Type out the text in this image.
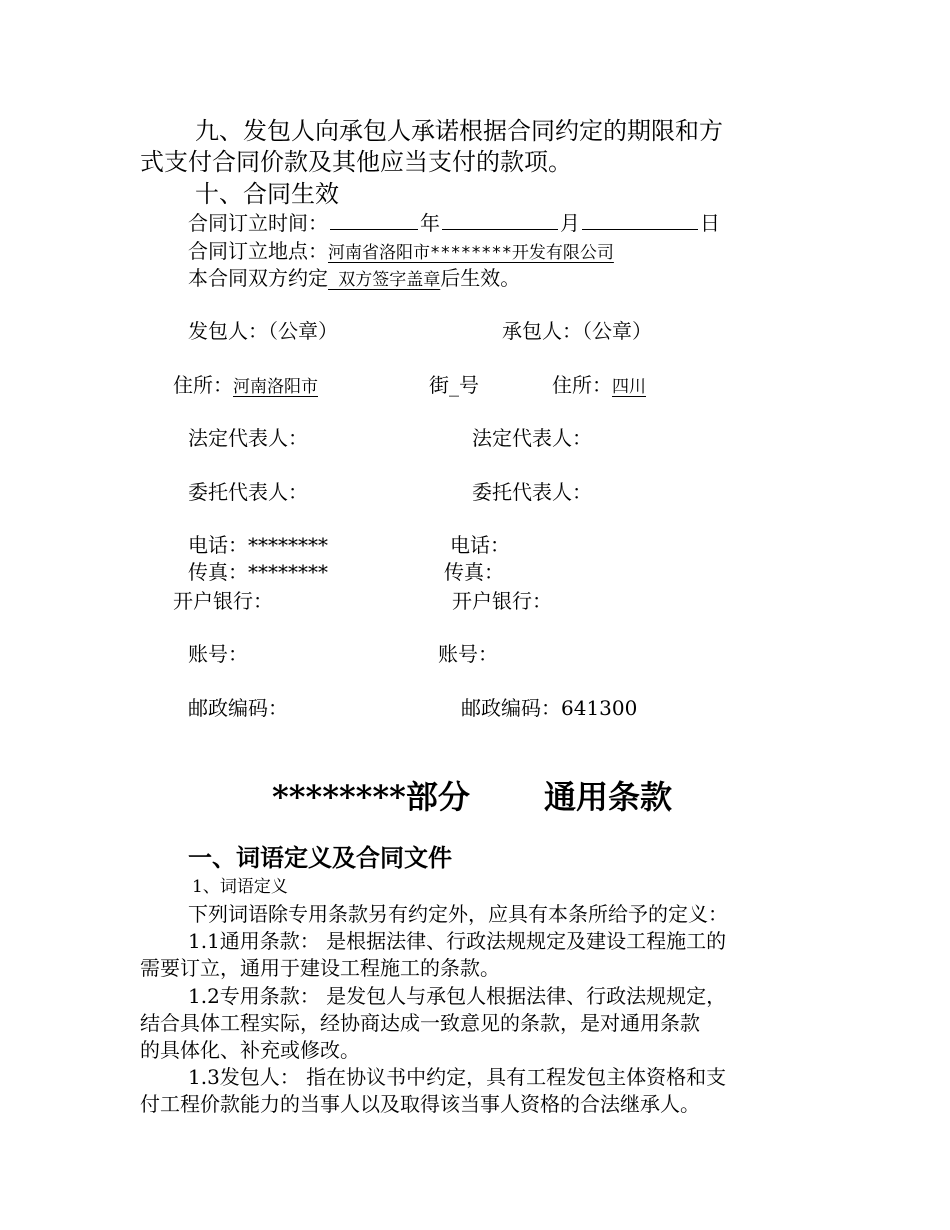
九、发包人向承包人承诺根据合同约定的期限和方
式支付合同价款及其他应当支付的款项。
十、合同生效
合同订立时间：	年	月	日
合同订立地点：河南省洛阳市********开发有限公司
本合同双方约定 双方签字盖章后生效。
发包人：（公章）	承包人：（公章）
住所：河南洛阳市	街_号	住所：四川
法定代表人：	法定代表人：
委托代表人：	委托代表人：
电话：********	电话：
传真：********	传真：
开户银行：	开户银行：
账号：	账号：
邮政编码：	邮政编码：641300
********部分 通用条款
一、词语定义及合同文件
1、词语定义
下列词语除专用条款另有约定外，应具有本条所给予的定义：
1.1通用条款： 是根据法律、行政法规规定及建设工程施工的
需要订立，通用于建设工程施工的条款。
1.2专用条款： 是发包人与承包人根据法律、行政法规规定，
结合具体工程实际，经协商达成一致意见的条款，是对通用条款
的具体化、补充或修改。
1.3发包人： 指在协议书中约定，具有工程发包主体资格和支
付工程价款能力的当事人以及取得该当事人资格的合法继承人。
